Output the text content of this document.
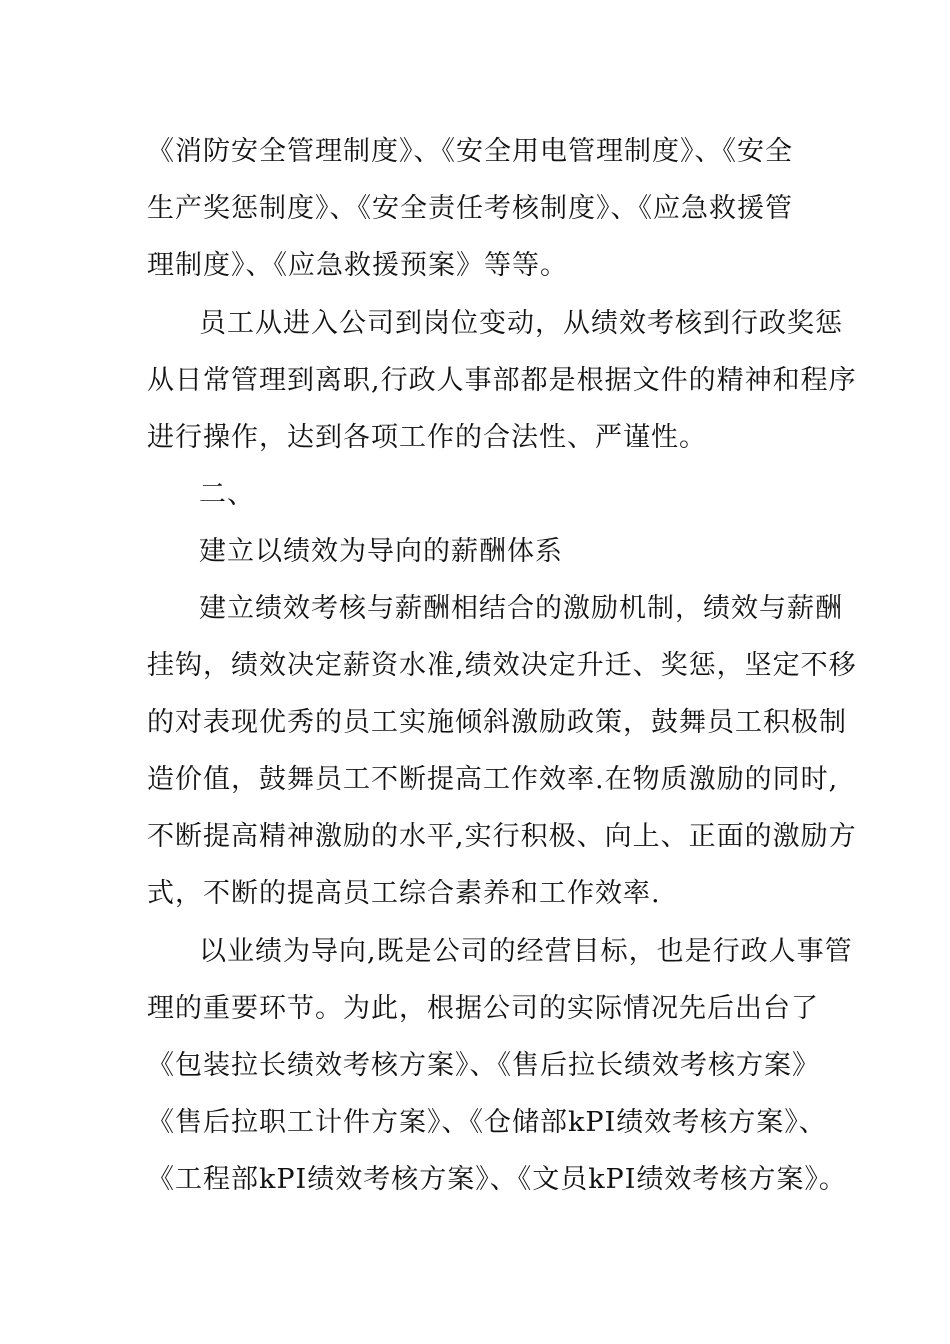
《消防安全管理制度》、《安全用电管理制度》、《安全
生产奖惩制度》、《安全责任考核制度》、《应急救援管
理制度》、《应急救援预案》等等。
员工从进入公司到岗位变动，从绩效考核到行政奖惩
从日常管理到离职,行政人事部都是根据文件的精神和程序
进行操作，达到各项工作的合法性、严谨性。
二、
建立以绩效为导向的薪酬体系
建立绩效考核与薪酬相结合的激励机制，绩效与薪酬
挂钩，绩效决定薪资水准,绩效决定升迁、奖惩，坚定不移
的对表现优秀的员工实施倾斜激励政策，鼓舞员工积极制
造价值，鼓舞员工不断提高工作效率.在物质激励的同时,
不断提高精神激励的水平,实行积极、向上、正面的激励方
式，不断的提高员工综合素养和工作效率.
以业绩为导向,既是公司的经营目标，也是行政人事管
理的重要环节。为此，根据公司的实际情况先后出台了
《包装拉长绩效考核方案》、《售后拉长绩效考核方案》
《售后拉职工计件方案》、《仓储部kPI绩效考核方案》、
《工程部kPI绩效考核方案》、《文员kPI绩效考核方案》。
